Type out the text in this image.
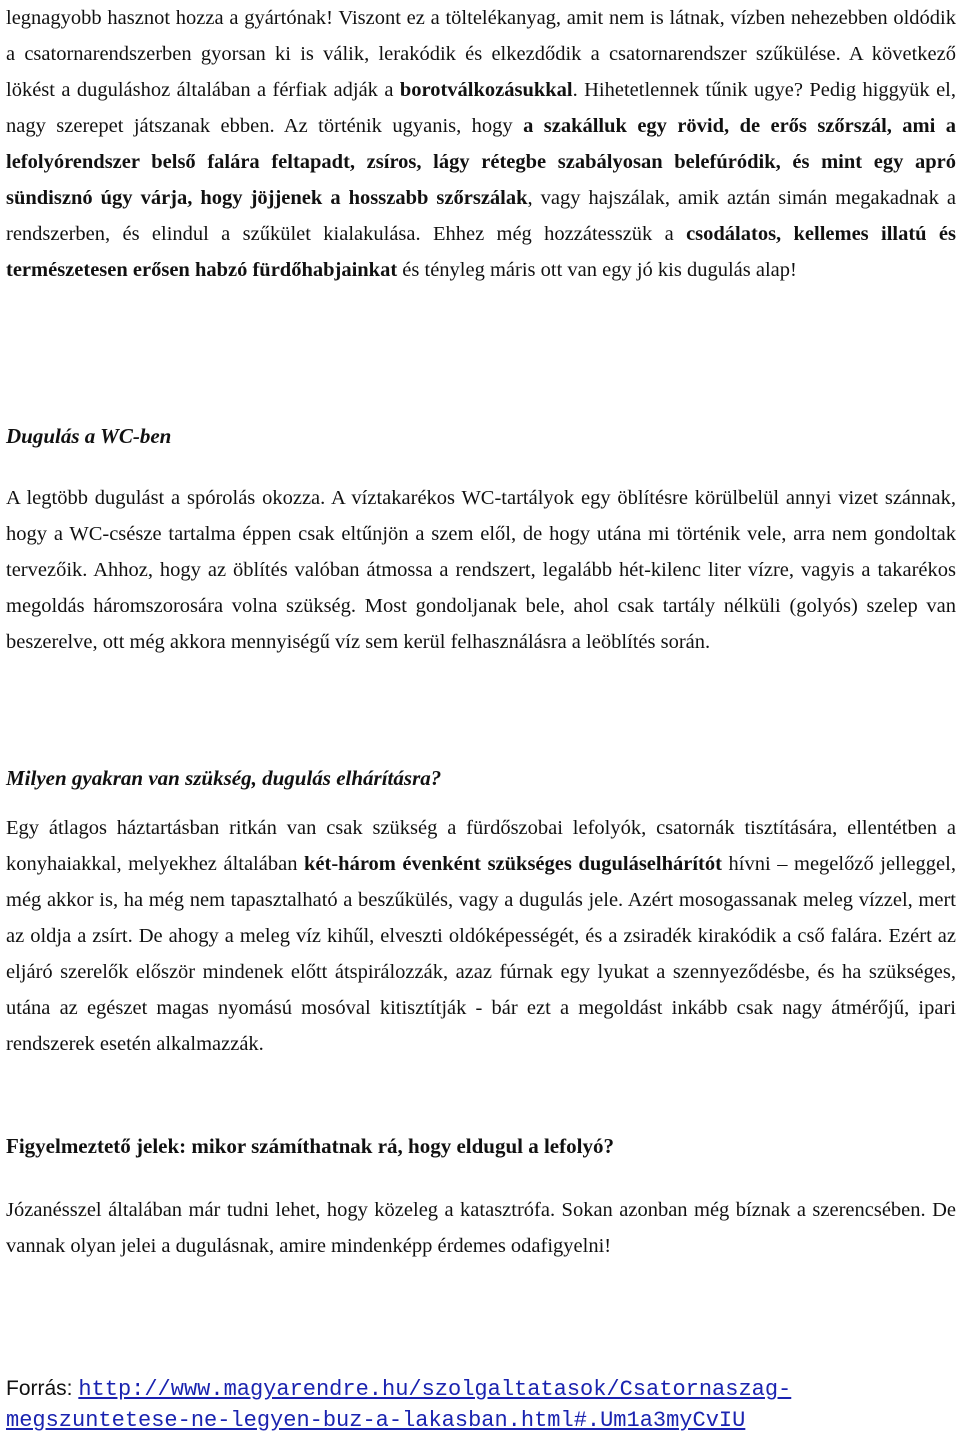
legnagyobb hasznot hozza a gyártónak! Viszont ez a töltelékanyag, amit nem is látnak, vízben nehezebben oldódik a csatornarendszerben gyorsan ki is válik, lerakódik és elkezdődik a csatornarendszer szűkülése. A következő lökést a duguláshoz általában a férfiak adják a borotválkozásukkal. Hihetetlennek tűnik ugye? Pedig higgyük el, nagy szerepet játszanak ebben. Az történik ugyanis, hogy a szakálluk egy rövid, de erős szőrszál, ami a lefolyórendszer belső falára feltapadt, zsíros, lágy rétegbe szabályosan belefúródik, és mint egy apró sündisznó úgy várja, hogy jöjjenek a hosszabb szőrszálak, vagy hajszálak, amik aztán simán megakadnak a rendszerben, és elindul a szűkület kialakulása. Ehhez még hozzátesszük a csodálatos, kellemes illatú és természetesen erősen habzó fürdőhabjainkat és tényleg máris ott van egy jó kis dugulás alap!

Dugulás a WC-ben

A legtöbb dugulást a spórolás okozza. A víztakarékos WC-tartályok egy öblítésre körülbelül annyi vizet szánnak, hogy a WC-csésze tartalma éppen csak eltűnjön a szem elől, de hogy utána mi történik vele, arra nem gondoltak tervezőik. Ahhoz, hogy az öblítés valóban átmossa a rendszert, legalább hét-kilenc liter vízre, vagyis a takarékos megoldás háromszorosára volna szükség. Most gondoljanak bele, ahol csak tartály nélküli (golyós) szelep van beszerelve, ott még akkora mennyiségű víz sem kerül felhasználásra a leöblítés során.

Milyen gyakran van szükség, dugulás elhárításra?

Egy átlagos háztartásban ritkán van csak szükség a fürdőszobai lefolyók, csatornák tisztítására, ellentétben a konyhaiakkal, melyekhez általában két-három évenként szükséges duguláselhárítót hívni – megelőző jelleggel, még akkor is, ha még nem tapasztalható a beszűkülés, vagy a dugulás jele. Azért mosogassanak meleg vízzel, mert az oldja a zsírt. De ahogy a meleg víz kihűl, elveszti oldóképességét, és a zsiradék kirakódik a cső falára. Ezért az eljáró szerelők először mindenek előtt átspirálozzák, azaz fúrnak egy lyukat a szennyeződésbe, és ha szükséges, utána az egészet magas nyomású mosóval kitisztítják - bár ezt a megoldást inkább csak nagy átmérőjű, ipari rendszerek esetén alkalmazzák.

Figyelmeztető jelek: mikor számíthatnak rá, hogy eldugul a lefolyó?

Józanésszel általában már tudni lehet, hogy közeleg a katasztrófa. Sokan azonban még bíznak a szerencsében. De vannak olyan jelei a dugulásnak, amire mindenképp érdemes odafigyelni!

Forrás: http://www.magyarendre.hu/szolgaltatasok/Csatornaszag-
megszuntetese-ne-legyen-buz-a-lakasban.html#.Um1a3myCvIU
